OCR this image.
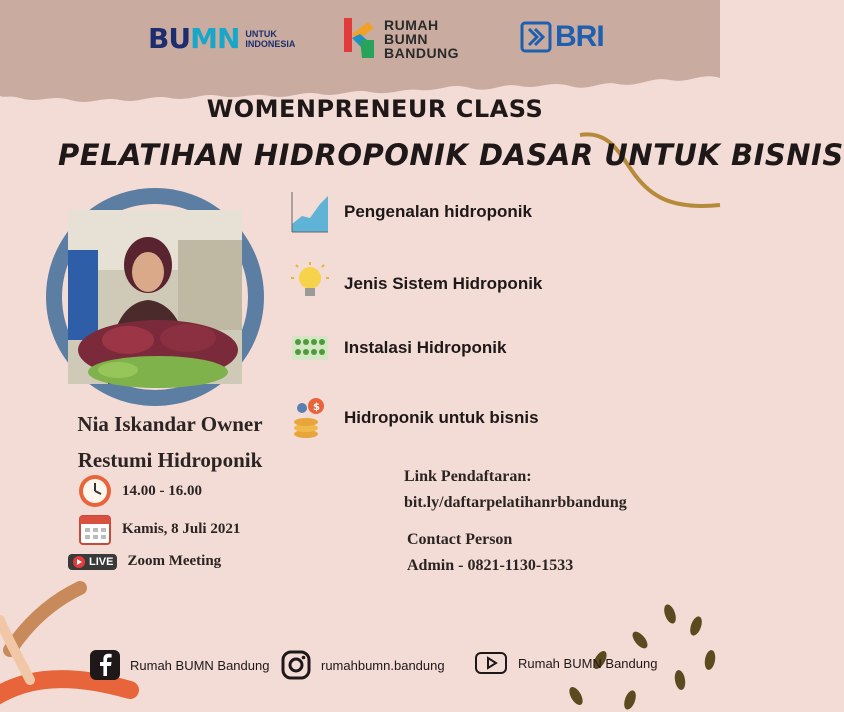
BUMN UNTUK
INDONESIA
RUMAH
BUMN
BANDUNG	BRI
WOMENPRENEUR CLASS
PELATIHAN HIDROPONIK DASAR UNTUK BISNIS
Nia Iskandar Owner
Restumi Hidroponik
14.00 - 16.00
Kamis, 8 Juli 2021
LIVE Zoom Meeting
Pengenalan hidroponik
Jenis Sistem Hidroponik
Instalasi Hidroponik
$
Hidroponik untuk bisnis
Link Pendaftaran:
bit.ly/daftarpelatihanrbbandung
Contact Person
Admin - 0821-1130-1533
Rumah BUMN Bandung	rumahbumn.bandung	Rumah BUMN Bandung
